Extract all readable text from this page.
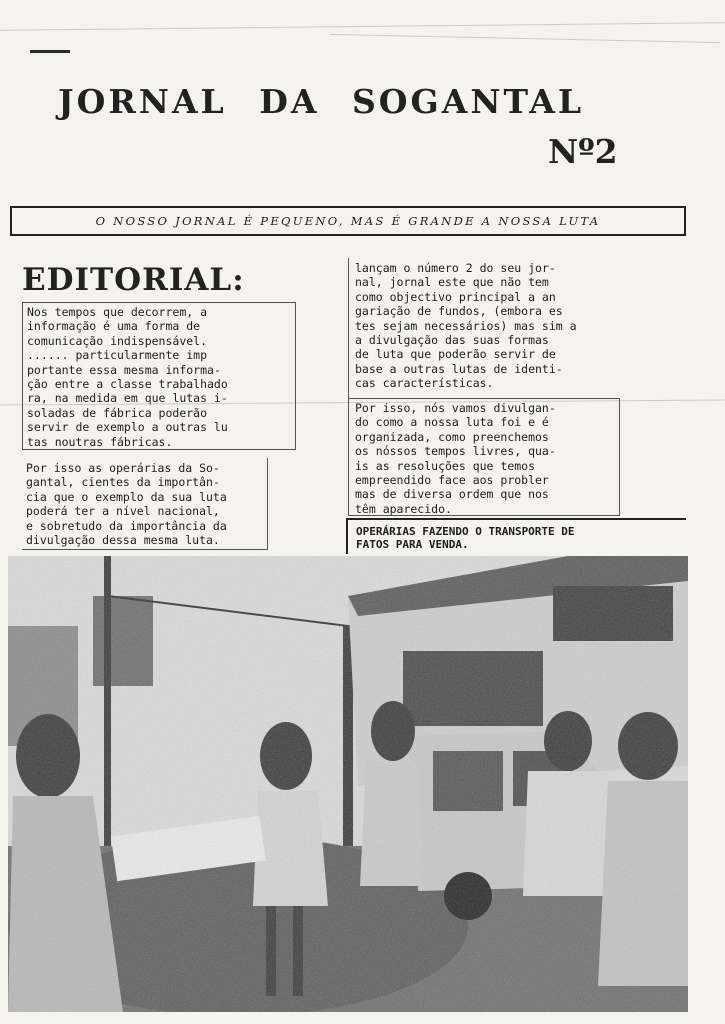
JORNAL DA SOGANTAL
Nº2
O NOSSO JORNAL É PEQUENO, MAS É GRANDE A NOSSA LUTA
EDITORIAL:
Nos tempos que decorrem, a
informação é uma forma de
comunicação indispensável.
...... particularmente imp
portante essa mesma informa-
ção entre a classe trabalhado
ra, na medida em que lutas i-
soladas de fábrica poderão
servir de exemplo a outras lu
tas noutras fábricas.
Por isso as operárias da So-
gantal, cientes da importân-
cia que o exemplo da sua luta
poderá ter a nível nacional,
e sobretudo da importância da
divulgação dessa mesma luta.
lançam o número 2 do seu jor-
nal, jornal este que não tem
como objectivo principal a an
gariação de fundos, (embora es
tes sejam necessários) mas sim a
a divulgação das suas formas
de luta que poderão servir de
base a outras lutas de identi-
cas características.
Por isso, nós vamos divulgan-
do como a nossa luta foi e é
organizada, como preenchemos
os nóssos tempos livres, qua-
is as resoluções que temos
empreendido face aos probler
mas de diversa ordem que nos
têm aparecido.
OPERÁRIAS FAZENDO O TRANSPORTE DE
FATOS PARA VENDA.
